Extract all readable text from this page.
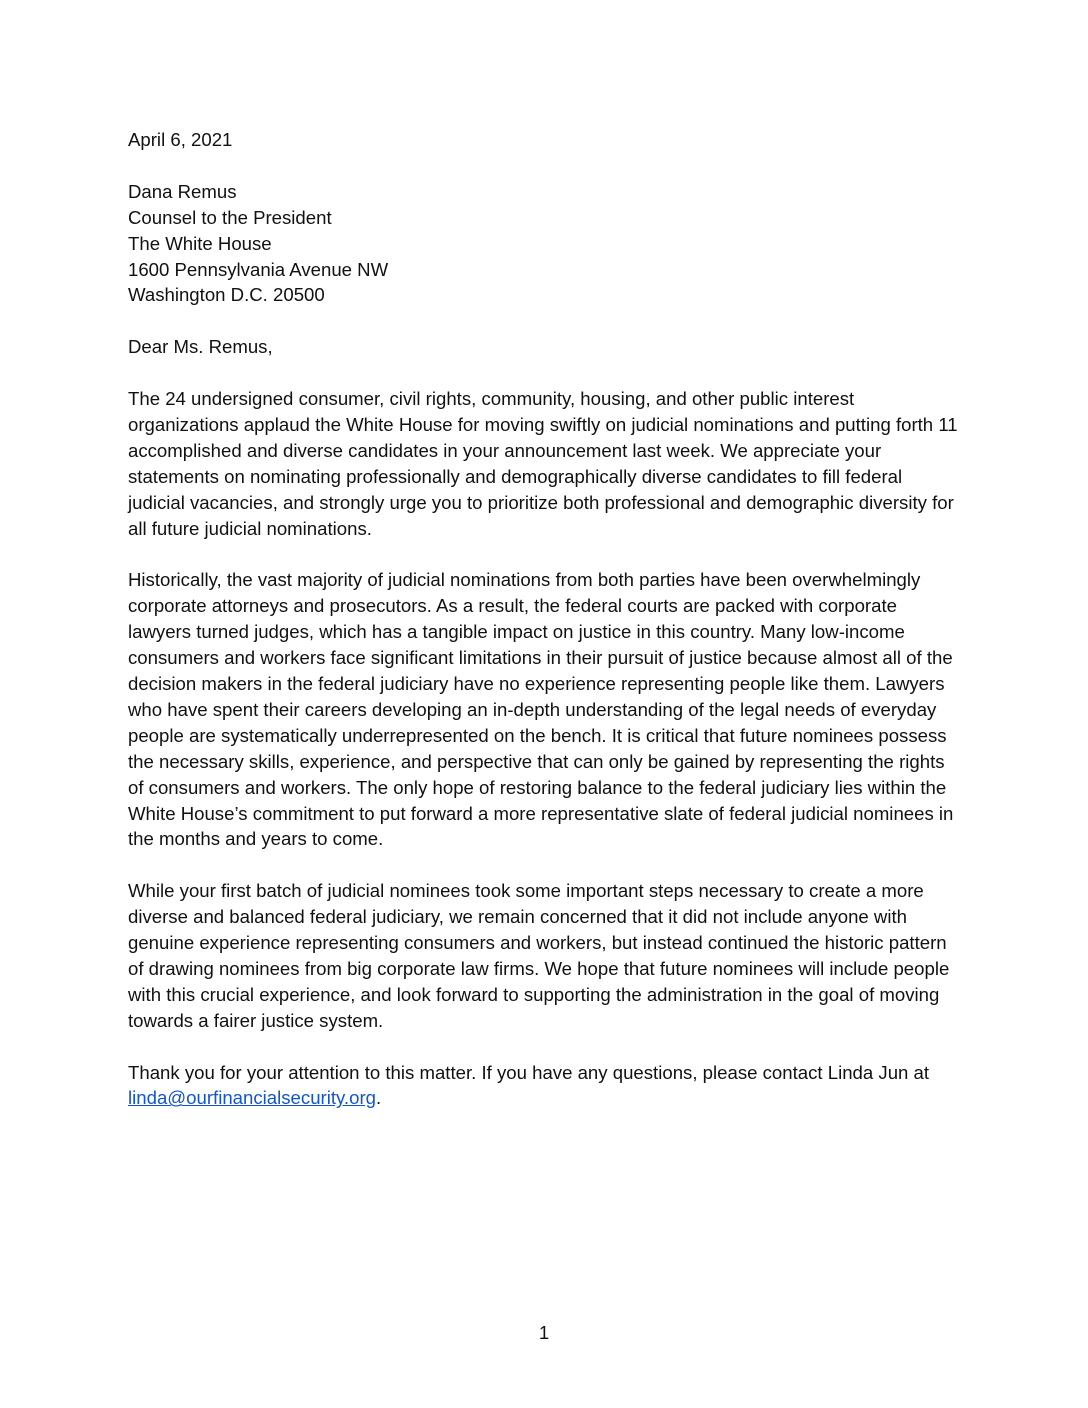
April 6, 2021
Dana Remus
Counsel to the President
The White House
1600 Pennsylvania Avenue NW
Washington D.C. 20500
Dear Ms. Remus,

The 24 undersigned consumer, civil rights, community, housing, and other public interest organizations applaud the White House for moving swiftly on judicial nominations and putting forth 11 accomplished and diverse candidates in your announcement last week. We appreciate your statements on nominating professionally and demographically diverse candidates to fill federal judicial vacancies, and strongly urge you to prioritize both professional and demographic diversity for all future judicial nominations.

Historically, the vast majority of judicial nominations from both parties have been overwhelmingly corporate attorneys and prosecutors. As a result, the federal courts are packed with corporate lawyers turned judges, which has a tangible impact on justice in this country. Many low-income consumers and workers face significant limitations in their pursuit of justice because almost all of the decision makers in the federal judiciary have no experience representing people like them. Lawyers who have spent their careers developing an in-depth understanding of the legal needs of everyday people are systematically underrepresented on the bench. It is critical that future nominees possess the necessary skills, experience, and perspective that can only be gained by representing the rights of consumers and workers. The only hope of restoring balance to the federal judiciary lies within the White House’s commitment to put forward a more representative slate of federal judicial nominees in the months and years to come.

While your first batch of judicial nominees took some important steps necessary to create a more diverse and balanced federal judiciary, we remain concerned that it did not include anyone with genuine experience representing consumers and workers, but instead continued the historic pattern of drawing nominees from big corporate law firms. We hope that future nominees will include people with this crucial experience, and look forward to supporting the administration in the goal of moving towards a fairer justice system.

Thank you for your attention to this matter. If you have any questions, please contact Linda Jun at linda@ourfinancialsecurity.org.

1
